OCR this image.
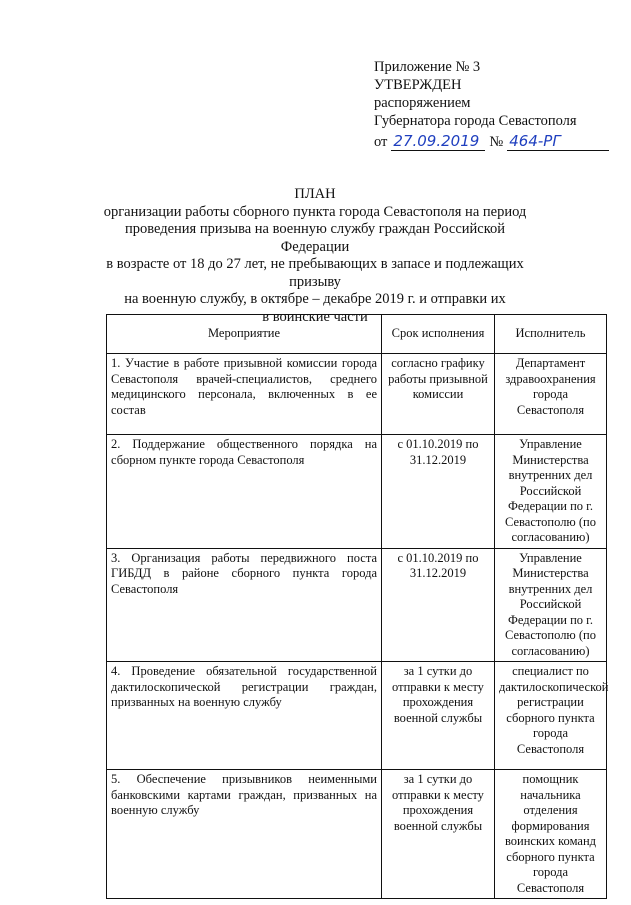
Приложение № 3
УТВЕРЖДЕН
распоряжением
Губернатора города Севастополя
от 27.09.2019 № 464-РГ
ПЛАН
организации работы сборного пункта города Севастополя на период
проведения призыва на военную службу граждан Российской Федерации
в возрасте от 18 до 27 лет, не пребывающих в запасе и подлежащих призыву
на военную службу, в октябре – декабре 2019 г. и отправки их
в воинские части
Мероприятие	Срок исполнения	Исполнитель
1. Участие в работе призывной комиссии города Севастополя врачей-специалистов, среднего медицинского персонала, включенных в ее состав	согласно графику работы призывной комиссии	Департамент здравоохранения города Севастополя
2. Поддержание общественного порядка на сборном пункте города Севастополя	с 01.10.2019 по 31.12.2019	Управление Министерства внутренних дел Российской Федерации по г. Севастополю (по согласованию)
3. Организация работы передвижного поста ГИБДД в районе сборного пункта города Севастополя	с 01.10.2019 по 31.12.2019	Управление Министерства внутренних дел Российской Федерации по г. Севастополю (по согласованию)
4. Проведение обязательной государственной дактилоскопической регистрации граждан, призванных на военную службу	за 1 сутки до отправки к месту прохождения военной службы	специалист по дактилоскопической регистрации сборного пункта города Севастополя
5. Обеспечение призывников неименными банковскими картами граждан, призванных на военную службу	за 1 сутки до отправки к месту прохождения военной службы	помощник начальника отделения формирования воинских команд сборного пункта города Севастополя
